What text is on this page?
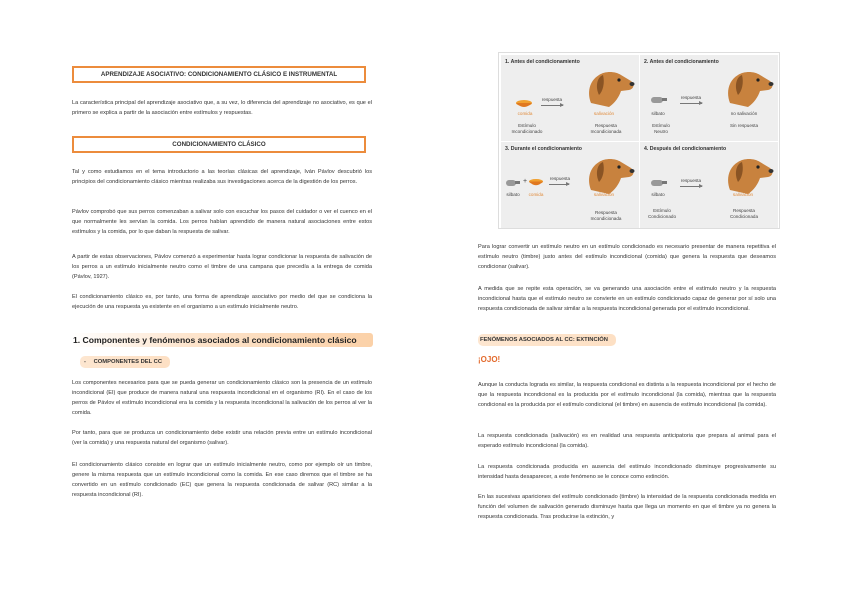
APRENDIZAJE ASOCIATIVO: CONDICIONAMIENTO CLÁSICO E INSTRUMENTAL
La característica principal del aprendizaje asociativo que, a su vez, lo diferencia del aprendizaje no asociativo, es que el primero se explica a partir de la asociación entre estímulos y respuestas.
CONDICIONAMIENTO CLÁSICO
Tal y como estudiamos en el tema introductorio a las teorías clásicas del aprendizaje, Iván Pávlov descubrió los principios del condicionamiento clásico mientras realizaba sus investigaciones acerca de la digestión de los perros.
Pávlov comprobó que sus perros comenzaban a salivar solo con escuchar los pasos del cuidador o ver el cuenco en el que normalmente les servían la comida. Los perros habían aprendido de manera natural asociaciones entre estos estímulos y la comida, por lo que daban la respuesta de salivar.
A partir de estas observaciones, Pávlov comenzó a experimentar hasta lograr condicionar la respuesta de salivación de los perros a un estímulo inicialmente neutro como el timbre de una campana que precedía a la entrega de comida (Pávlov, 1927).
El condicionamiento clásico es, por tanto, una forma de aprendizaje asociativo por medio del que se condiciona la ejecución de una respuesta ya existente en el organismo a un estímulo inicialmente neutro.
1. Componentes y fenómenos asociados al condicionamiento clásico
- COMPONENTES DEL CC
Los componentes necesarios para que se pueda generar un condicionamiento clásico son la presencia de un estímulo incondicional (EI) que produce de manera natural una respuesta incondicional en el organismo (RI). En el caso de los perros de Pávlov el estímulo incondicional era la comida y la respuesta incondicional la salivación de los perros al ver la comida.
Por tanto, para que se produzca un condicionamiento debe existir una relación previa entre un estímulo incondicional (ver la comida) y una respuesta natural del organismo (salivar).
El condicionamiento clásico consiste en lograr que un estímulo inicialmente neutro, como por ejemplo oír un timbre, genere la misma respuesta que un estímulo incondicional como la comida. En ese caso diremos que el timbre se ha convertido en un estímulo condicionado (EC) que genera la respuesta condicionada de salivar (RC) similar a la respuesta incondicional (RI).
1. Antes del condicionamiento
comida
respuesta
salivación
Estímulo Incondicionado
Respuesta Incondicionada
2. Antes del condicionamiento
silbato
respuesta
no salivación
Estímulo Neutro
Sin respuesta
3. Durante el condicionamiento
+
silbato	comida
respuesta
salivación
Respuesta Incondicionada
4. Después del condicionamiento
silbato
respuesta
salivación
Estímulo Condicionado
Respuesta Condicionada
Para lograr convertir un estímulo neutro en un estímulo condicionado es necesario presentar de manera repetitiva el estímulo neutro (timbre) justo antes del estímulo incondicional (comida) que genera la respuesta que deseamos condicionar (salivar).
A medida que se repite esta operación, se va generando una asociación entre el estímulo neutro y la respuesta incondicional hasta que el estímulo neutro se convierte en un estímulo condicionado capaz de generar por sí solo una respuesta condicionada de salivar similar a la respuesta incondicional generada por el estímulo incondicional.
FENÓMENOS ASOCIADOS AL CC: EXTINCIÓN
¡OJO!
Aunque la conducta lograda es similar, la respuesta condicional es distinta a la respuesta incondicional por el hecho de que la respuesta incondicional es la producida por el estímulo incondicional (la comida), mientras que la respuesta condicional es la producida por el estímulo condicional (el timbre) en ausencia de estímulo incondicional (la comida).
La respuesta condicionada (salivación) es en realidad una respuesta anticipatoria que prepara al animal para el esperado estímulo incondicional (la comida).
La respuesta condicionada producida en ausencia del estímulo incondicionado disminuye progresivamente su intensidad hasta desaparecer, a este fenómeno se le conoce como extinción.
En las sucesivas apariciones del estímulo condicionado (timbre) la intensidad de la respuesta condicionada medida en función del volumen de salivación generado disminuye hasta que llega un momento en que el timbre ya no genera la respuesta condicionada. Tras producirse la extinción, y
